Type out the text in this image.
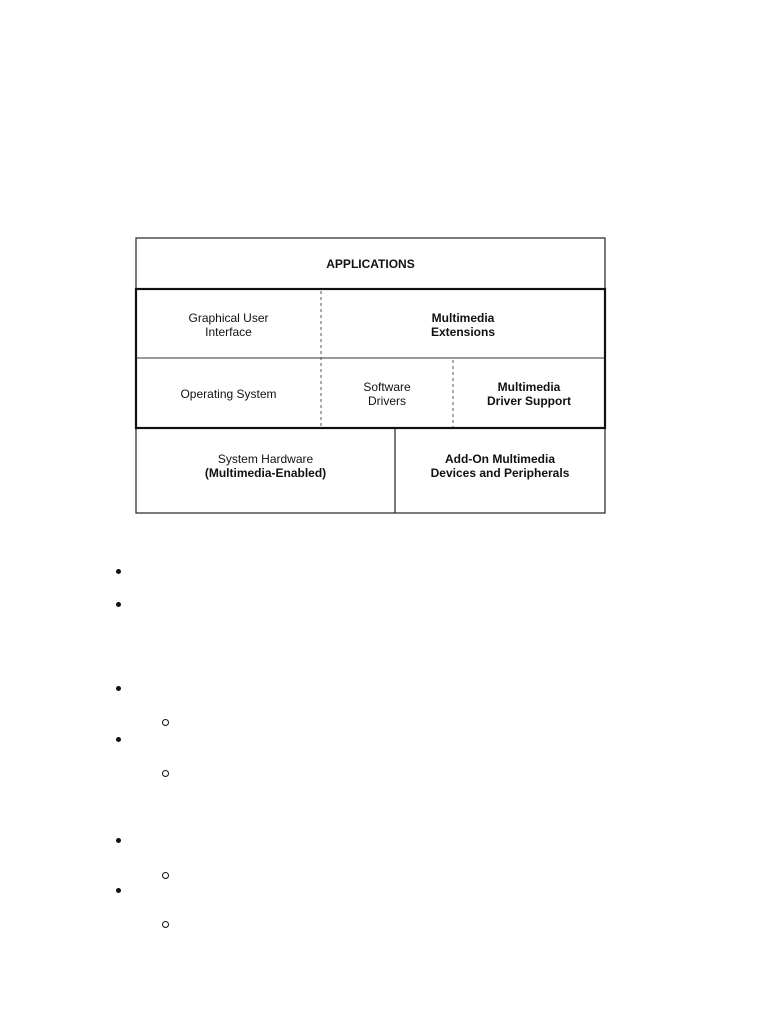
APPLICATIONS
Graphical User
Interface
Multimedia
Extensions
Operating System	Software
Drivers
Multimedia
Driver Support
System Hardware
(Multimedia-Enabled)
Add-On Multimedia
Devices and Peripherals
